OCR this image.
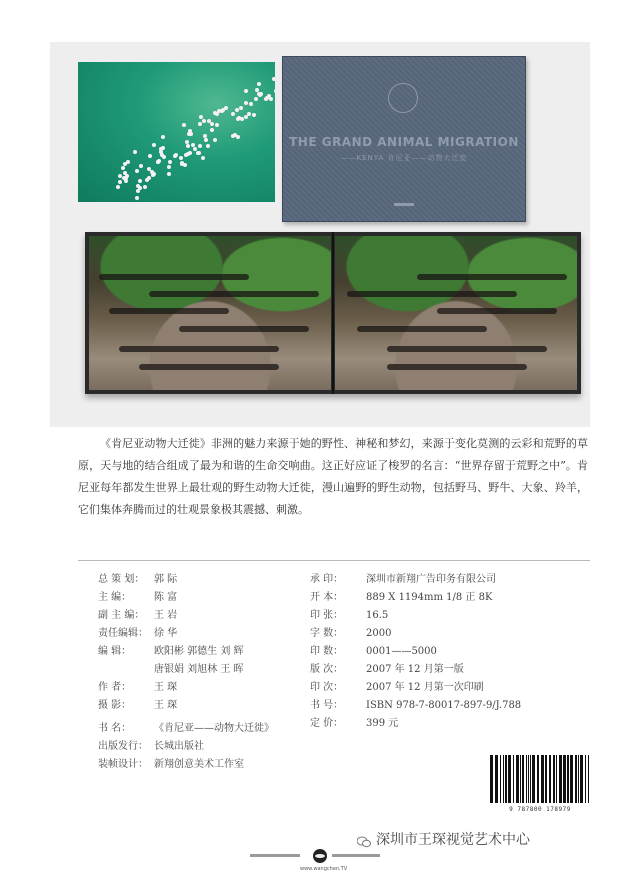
THE GRAND ANIMAL MIGRATION
——KENYA 肯尼亚——动物大迁徙
《肯尼亚动物大迁徙》非洲的魅力来源于她的野性、神秘和梦幻，来源于变化莫测的云彩和荒野的草原，天与地的结合组成了最为和谐的生命交响曲。这正好应证了梭罗的名言：“世界存留于荒野之中”。肯尼亚每年都发生世界上最壮观的野生动物大迁徙，漫山遍野的野生动物，包括野马、野牛、大象、羚羊，它们集体奔腾而过的壮观景象极其震撼、刺激。
总 策 划： 郭 际
主 编： 陈 富
副 主 编： 王 岩
责任编辑： 徐 华
编 辑： 欧阳彬 郭德生 刘 辉
唐银娟 刘旭林 王 晖
作 者： 王 琛
摄 影： 王 琛
承 印： 深圳市新翔广告印务有限公司
开 本： 889 X 1194mm 1/8 正 8K
印 张： 16.5
字 数： 2000
印 数： 0001——5000
版 次： 2007 年 12 月第一版
印 次： 2007 年 12 月第一次印刷
书 号： ISBN 978-7-80017-897-9/J.788
定 价： 399 元
书 名： 《肯尼亚——动物大迁徙》
出版发行： 长城出版社
装帧设计： 新翔创意美术工作室
9 787800 178979
www.wangchen.TV
深圳市王琛视觉艺术中心
